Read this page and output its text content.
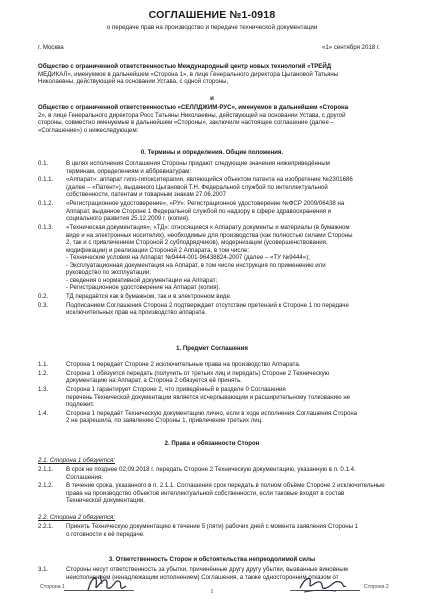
СОГЛАШЕНИЕ №1-0918
о передаче прав на производство и передаче технической документации
г. Москва	«1» сентября 2018 г.
Общество с ограниченной ответственностью Международный центр новых технологий «ТРЕЙД
МЕДИКАЛ», именуемое в дальнейшем «Сторона 1», в лице Генерального директора Цыгановой Татьяны
Николаевны, действующей на основании Устава, с одной стороны,
и
Общество с ограниченной ответственностью «СЕЛЛДЖИМ-РУС», именуемое в дальнейшем «Сторона
2», в лице Генерального директора Росс Татьяны Николаевны, действующей на основании Устава, с другой
стороны, совместно именуемые в дальнейшем «Стороны», заключили настоящее соглашение (далее –
«Соглашение») о нижеследующем:
0. Термины и определения. Общие положения.
0.1.	В целях исполнения Соглашения Стороны придают следующие значения нижеприведённым
терминам, определениям и аббревиатурам:
0.1.1. «Аппарат»: аппарат гипо-гипокситерапии, являющийся объектом патента на изобретение №2301686
(далее – «Патент»), выданного Цыгановой Т.Н. Федеральной службой по интеллектуальной
собственности, патентам и товарным знакам 27.06.2007
0.1.2. «Регистрационное удостоверение», «РУ»: Регистрационное удостоверение №ФСР 2009/06438 на
Аппарат, выданное Стороне 1 Федеральной службой по надзору в сфере здравоохранения и
социального развития 25.12.2009 г. (копия).
0.1.3. «Техническая документация», «ТД»: относящиеся к Аппарату документы и материалы (в бумажном
виде и на электронных носителях), необходимые для производства (как полностью силами Стороны
2, так и с привлечением Стороной 2 субподрядчиков), модернизации (усовершенствования,
модификации) и реализации Стороной 2 Аппарата, в том числе:
- Технические условия на Аппарат №9444-001-96438824-2007 (далее – «ТУ №9444»);
- Эксплуатационная документация на Аппарат, в том числе инструкция по применению или
руководство по эксплуатации;
- сведения о нормативной документации на Аппарат;
- Регистрационное удостоверение на Аппарат (копия).
0.2.	ТД передаётся как в бумажном, так и в электронном виде.
0.3.	Подписанием Соглашения Сторона 2 подтверждает отсутствие претензий к Стороне 1 по передаче
исключительных прав на производство аппарата.
1. Предмет Соглашения
1.1.	Сторона 1 передает Стороне 2 исключительные права на производство Аппарата.
1.2.	Сторона 1 обязуется передать (получить от третьих лиц и передать) Стороне 2 Техническую
документацию на Аппарат, а Сторона 2 обязуется её принять.
1.3.	Сторона 1 гарантирует Стороне 2, что приведённый в разделе 0 Соглашения
перечень Технической документации является исчерпывающим и расширительному толкованию не
подлежит.
1.4.	Сторона 1 передаёт Техническую документацию лично, если в ходе исполнения Соглашения Сторона
2 не разрешила, по заявлению Стороны 1, привлечение третьих лиц.
2. Права и обязанности Сторон
2.1. Сторона 1 обязуется:
2.1.1. В срок не позднее 02.09.2018 г. передать Стороне 2 Техническую документацию, указанную в п. 0.1.4.
Соглашения.
2.1.2. В течение срока, указанного в п. 2.1.1. Соглашения срок передать в полном объёме Стороне 2 исключительные
права на производство объектов интеллектуальной собственности, если таковые входят в состав
Технической документации.
2.2. Сторона 2 обязуется:
2.2.1. Принять Техническую документацию в течение 5 (пяти) рабочих дней с момента заявления Стороны 1
о готовности к её передаче.
3. Ответственность Сторон и обстоятельства непреодолимой силы
3.1.	Стороны несут ответственность за убытки, причинённые другу другу убытки, вызванные виновным
неисполнением (ненадлежащим исполнением) Соглашения, а также односторонним отказом от
Сторона 1
1
Сторона 2
